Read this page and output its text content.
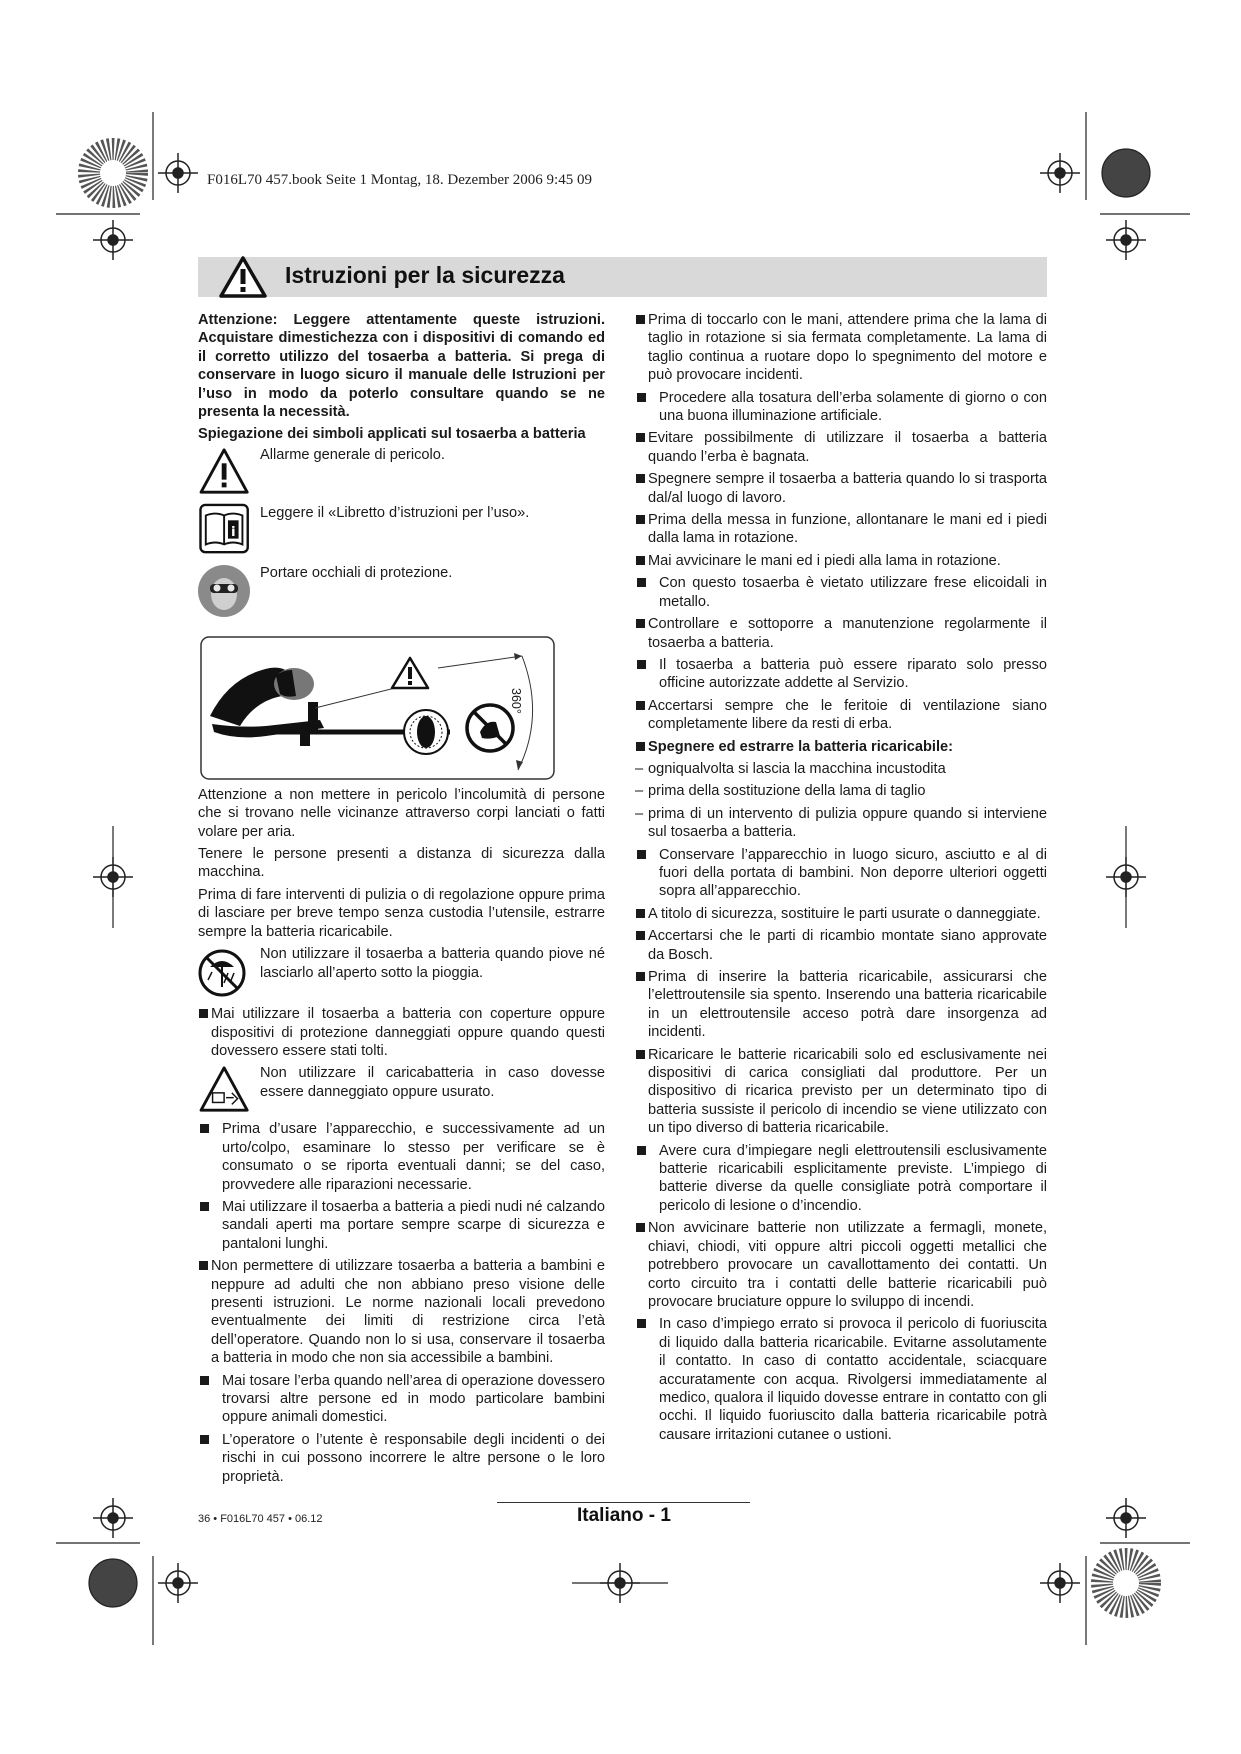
F016L70 457.book Seite 1 Montag, 18. Dezember 2006 9:45 09
Istruzioni per la sicurezza

Attenzione: Leggere attentamente queste istruzioni. Acquistare dimestichezza con i dispositivi di comando ed il corretto utilizzo del tosaerba a batteria. Si prega di conservare in luogo sicuro il manuale delle Istruzioni per l’uso in modo da poterlo consultare quando se ne presenta la necessità.

Spiegazione dei simboli applicati sul tosaerba a batteria

Allarme generale di pericolo.
i
Leggere il «Libretto d’istruzioni per l’uso».
Portare occhiali di protezione.
360°

Attenzione a non mettere in pericolo l’incolumità di persone che si trovano nelle vicinanze attraverso corpi lanciati o fatti volare per aria.

Tenere le persone presenti a distanza di sicurezza dalla macchina.

Prima di fare interventi di pulizia o di regolazione oppure prima di lasciare per breve tempo senza custodia l’utensile, estrarre sempre la batteria ricaricabile.

Non utilizzare il tosaerba a batteria quando piove né lasciarlo all’aperto sotto la pioggia.

Mai utilizzare il tosaerba a batteria con coperture oppure dispositivi di protezione danneggiati oppure quando questi dovessero essere stati tolti.

Non utilizzare il caricabatteria in caso dovesse essere danneggiato oppure usurato.

Prima d’usare l’apparecchio, e successivamente ad un urto/colpo, esaminare lo stesso per verificare se è consumato o se riporta eventuali danni; se del caso, provvedere alle riparazioni necessarie.

Mai utilizzare il tosaerba a batteria a piedi nudi né calzando sandali aperti ma portare sempre scarpe di sicurezza e pantaloni lunghi.

Non permettere di utilizzare tosaerba a batteria a bambini e neppure ad adulti che non abbiano preso visione delle presenti istruzioni. Le norme nazionali locali prevedono eventualmente dei limiti di restrizione circa l’età dell’operatore. Quando non lo si usa, conservare il tosaerba a batteria in modo che non sia accessibile a bambini.

Mai tosare l’erba quando nell’area di operazione dovessero trovarsi altre persone ed in modo particolare bambini oppure animali domestici.

L’operatore o l’utente è responsabile degli incidenti o dei rischi in cui possono incorrere le altre persone o le loro proprietà.

Prima di toccarlo con le mani, attendere prima che la lama di taglio in rotazione si sia fermata completamente. La lama di taglio continua a ruotare dopo lo spegnimento del motore e può provocare incidenti.

Procedere alla tosatura dell’erba solamente di giorno o con una buona illuminazione artificiale.

Evitare possibilmente di utilizzare il tosaerba a batteria quando l’erba è bagnata.

Spegnere sempre il tosaerba a batteria quando lo si trasporta dal/al luogo di lavoro.

Prima della messa in funzione, allontanare le mani ed i piedi dalla lama in rotazione.

Mai avvicinare le mani ed i piedi alla lama in rotazione.

Con questo tosaerba è vietato utilizzare frese elicoidali in metallo.

Controllare e sottoporre a manutenzione regolarmente il tosaerba a batteria.

Il tosaerba a batteria può essere riparato solo presso officine autorizzate addette al Servizio.

Accertarsi sempre che le feritoie di ventilazione siano completamente libere da resti di erba.

Spegnere ed estrarre la batteria ricaricabile:

– ogniqualvolta si lascia la macchina incustodita

– prima della sostituzione della lama di taglio

– prima di un intervento di pulizia oppure quando si interviene sul tosaerba a batteria.

Conservare l’apparecchio in luogo sicuro, asciutto e al di fuori della portata di bambini. Non deporre ulteriori oggetti sopra all’apparecchio.

A titolo di sicurezza, sostituire le parti usurate o danneggiate.

Accertarsi che le parti di ricambio montate siano approvate da Bosch.

Prima di inserire la batteria ricaricabile, assicurarsi che l’elettroutensile sia spento. Inserendo una batteria ricaricabile in un elettroutensile acceso potrà dare insorgenza ad incidenti.

Ricaricare le batterie ricaricabili solo ed esclusivamente nei dispositivi di carica consigliati dal produttore. Per un dispositivo di ricarica previsto per un determinato tipo di batteria sussiste il pericolo di incendio se viene utilizzato con un tipo diverso di batteria ricaricabile.

Avere cura d’impiegare negli elettroutensili esclusivamente batterie ricaricabili esplicitamente previste. L’impiego di batterie diverse da quelle consigliate potrà comportare il pericolo di lesione o d’incendio.

Non avvicinare batterie non utilizzate a fermagli, monete, chiavi, chiodi, viti oppure altri piccoli oggetti metallici che potrebbero provocare un cavallottamento dei contatti. Un corto circuito tra i contatti delle batterie ricaricabili può provocare bruciature oppure lo sviluppo di incendi.

In caso d’impiego errato si provoca il pericolo di fuoriuscita di liquido dalla batteria ricaricabile. Evitarne assolutamente il contatto. In caso di contatto accidentale, sciacquare accuratamente con acqua. Rivolgersi immediatamente al medico, qualora il liquido dovesse entrare in contatto con gli occhi. Il liquido fuoriuscito dalla batteria ricaricabile potrà causare irritazioni cutanee o ustioni.

36 • F016L70 457 • 06.12	Italiano - 1
